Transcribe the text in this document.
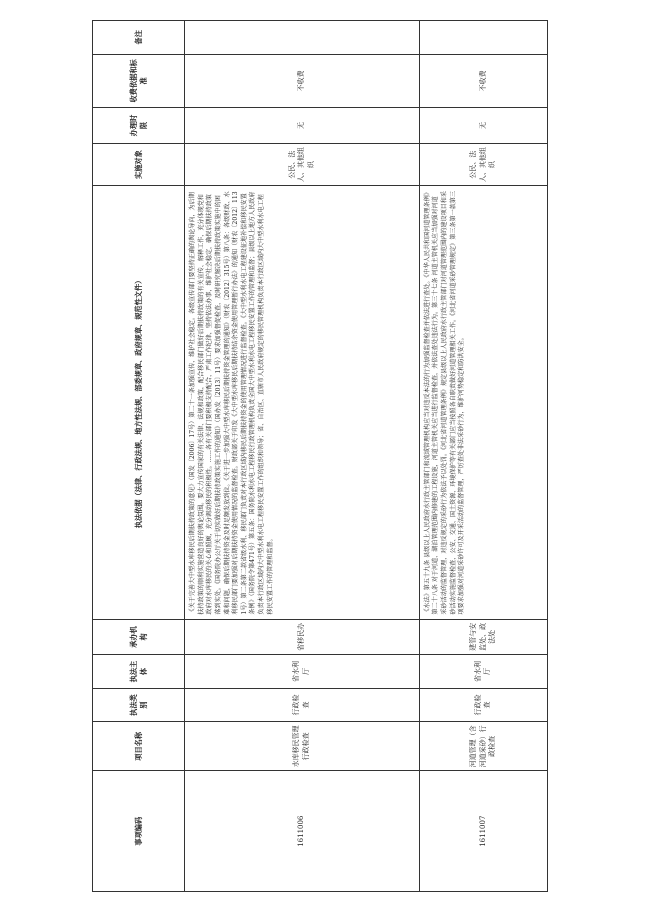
事项编码	项目名称	执法类别	执法主体	承办机构	执法依据（法律、行政法规、地方性法规、部委规章、政府规章、规范性文件）	实施对象	办理时限	收费依据和标准	备注
1611006	水库移民管理行政检查	行政检查	省水利厅	省移民办	《关于完善大中型水库移民后期扶持政策的意见》（国发〔2006〕17号）第二十一条加强宣传，维护社会稳定。各级宣传部门要坚持正确的舆论导向，为后期扶持政策的顺利实施营造良好的舆论氛围。要大力宣传国家的有关法律、法规和政策，配合移民部门做好后期扶持政策的有关宣传、解释工作，充分体现党和政府对水库移民的关心和照顾，充分调动移民的积极性。……各有关部门要积极支持配合，严肃工作纪律，坚持依法办事，维护社会稳定，确保后期扶持政策落到实处。《国务院办公厅关于切实做好后期扶持政策实施工作的通知》（国办发〔2013〕11号）要求加强督促检查，及时研究解决后期扶持政策实施中的困难和问题，确保后期扶持资金及时足额发放到位。《关于进一步加强大中型水库移民后期扶持资金管理的通知》（财农〔2012〕315号）第八条：各级财政、水利移民部门要加强对后期扶持资金使用情况的监督检查。财政部关于印发《大中型水库移民后期扶持结余资金使用管理暂行办法》的通知（财农〔2012〕1131号）第二条第二款省级水利、移民部门负责对本行政区域内移民后期扶持资金的使用管理情况进行监督检查。《大中型水利水电工程建设征地补偿和移民安置条例》（国务院令第471号）第五条：国务院水利水电工程移民行政管理机构负责全国大中型水利水电工程移民安置工作的管理和监督；县级以上地方人民政府负责本行政区域内大中型水利水电工程移民安置工作的组织和领导；省、自治区、直辖市人民政府规定的移民管理机构负责本行政区域内大中型水利水电工程移民安置工作的管理和监督。	公民、法人、其他组织	无	不收费	
1611007	河道管理（含河道采砂）行政检查	行政检查	省水利厅	建管与安监处、政法处	《水法》第五十九条 县级以上人民政府水行政主管部门和流域管理机构应当对违反本法的行为加强监督检查并依法进行查处。《中华人民共和国河道管理条例》第二十八条 对于河道、湖泊管理范围内修建的工程设施，河道主管机关应当进行监督检查，并依法查处违法行为。第三十七条 河道主管机关应当加强对河道采砂活动的监督管理，对违反规定的采砂行为依法予以处罚。《河北省河道管理条例》规定县级以上人民政府水行政主管部门对河道管理范围内的建设项目和采砂活动实施监督检查，公安、交通、国土资源、环境保护等有关部门应当按照各自职责做好河道管理相关工作。《河北省河道采砂管理规定》第三条第一款第三项要求加强对河道采砂许可及开采活动的监督管理，严厉查处非法采砂行为，维护河势稳定和防洪安全。	公民、法人、其他组织	无	不收费	
